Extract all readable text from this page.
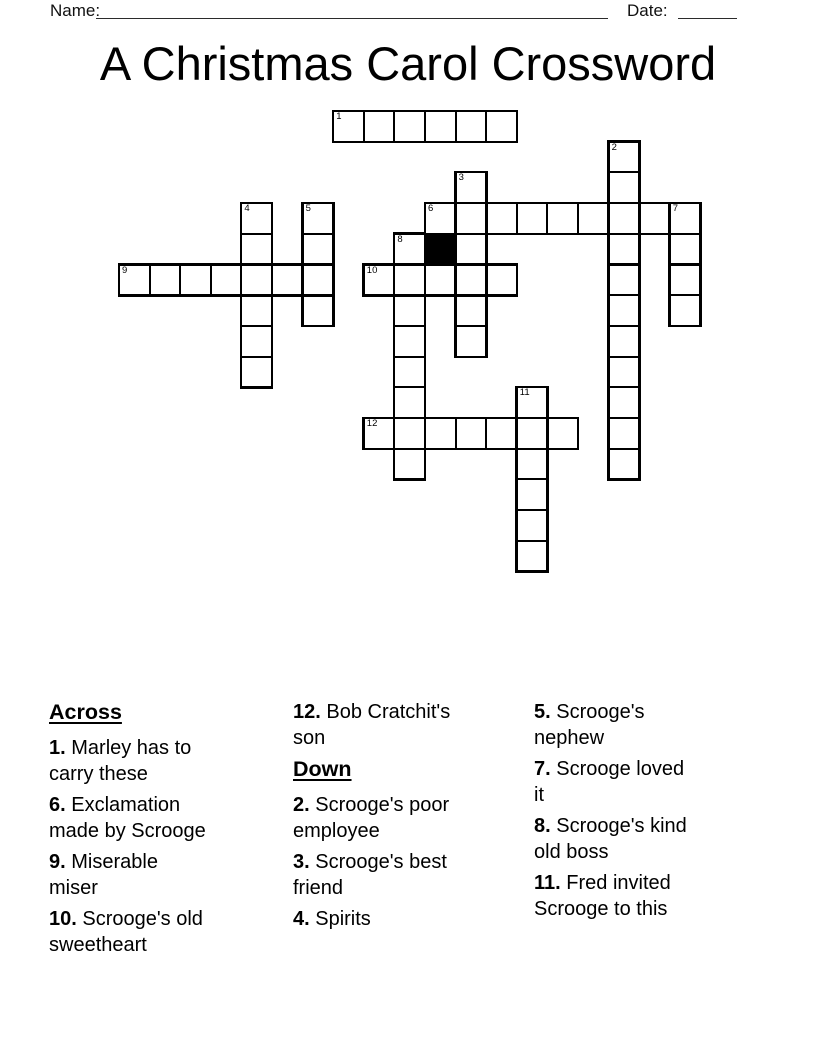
Name:	Date:
A Christmas Carol Crossword
1
2
3
4	5	6	7
8
9	10
11
12
Across

1. Marley has to
carry these

6. Exclamation
made by Scrooge

9. Miserable
miser

10. Scrooge's old
sweetheart

12. Bob Cratchit's
son

Down

2. Scrooge's poor
employee

3. Scrooge's best
friend

4. Spirits

5. Scrooge's
nephew

7. Scrooge loved
it

8. Scrooge's kind
old boss

11. Fred invited
Scrooge to this
